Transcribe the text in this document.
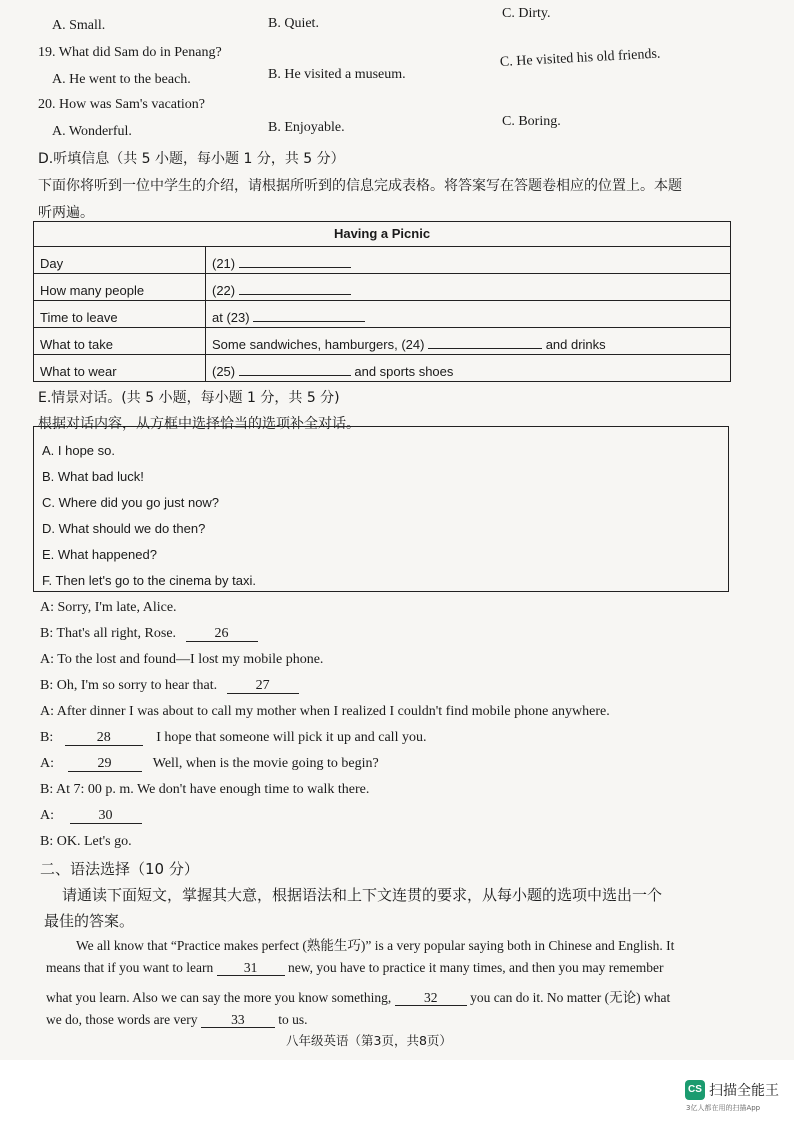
A. Small.	B. Quiet.
C. Dirty.
19. What did Sam do in Penang?
A. He went to the beach.	B. He visited a museum.
C. He visited his old friends.
20. How was Sam's vacation?
A. Wonderful.	B. Enjoyable.	C. Boring.
D.听填信息（共 5 小题，每小题 1 分，共 5 分）
下面你将听到一位中学生的介绍，请根据所听到的信息完成表格。将答案写在答题卷相应的位置上。本题
听两遍。
Having a Picnic	
Day	(21)
How many people	(22)
Time to leave	at (23)
What to take	Some sandwiches, hamburgers, (24) and drinks
What to wear	(25) and sports shoes
E.情景对话。(共 5 小题，每小题 1 分，共 5 分)
根据对话内容，从方框中选择恰当的选项补全对话。
A. I hope so.
B. What bad luck!
C. Where did you go just now?
D. What should we do then?
E. What happened?
F. Then let's go to the cinema by taxi.
A: Sorry, I'm late, Alice.
B: That's all right, Rose.	26
A: To the lost and found—I lost my mobile phone.
B: Oh, I'm so sorry to hear that.	27
A: After dinner I was about to call my mother when I realized I couldn't find mobile phone anywhere.
B:	28	I hope that someone will pick it up and call you.
A:	29	Well, when is the movie going to begin?
B: At 7: 00 p. m. We don't have enough time to walk there.
A:	30
B: OK. Let's go.
二、语法选择（10 分）
请通读下面短文，掌握其大意，根据语法和上下文连贯的要求，从每小题的选项中选出一个
最佳的答案。
We all know that “Practice makes perfect (熟能生巧)” is a very popular saying both in Chinese and English. It
means that if you want to learn 31 new, you have to practice it many times, and then you may remember
what you learn. Also we can say the more you know something, 32 you can do it. No matter (无论) what
we do, those words are very 33 to us.
八年级英语（第3页，共8页）
CS 扫描全能王
3亿人都在用的扫描App
